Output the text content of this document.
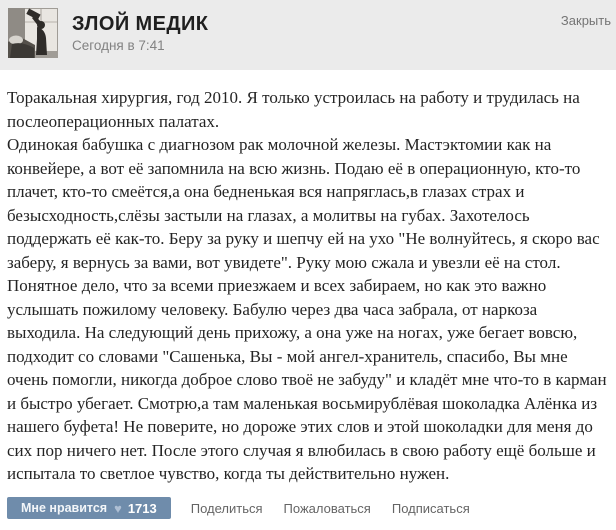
ЗЛОЙ МЕДИК
Сегодня в 7:41
Закрыть

Торакальная хирургия, год 2010. Я только устроилась на работу и трудилась на послеоперационных палатах.

Одинокая бабушка с диагнозом рак молочной железы. Мастэктомии как на конвейере, а вот её запомнила на всю жизнь. Подаю её в операционную, кто-то плачет, кто-то смеётся,а она бедненькая вся напряглась,в глазах страх и безысходность,слёзы застыли на глазах, а молитвы на губах. Захотелось поддержать её как-то. Беру за руку и шепчу ей на ухо "Не волнуйтесь, я скоро вас заберу, я вернусь за вами, вот увидете". Руку мою сжала и увезли её на стол. Понятное дело, что за всеми приезжаем и всех забираем, но как это важно услышать пожилому человеку. Бабулю через два часа забрала, от наркоза выходила. На следующий день прихожу, а она уже на ногах, уже бегает вовсю, подходит со словами "Сашенька, Вы - мой ангел-хранитель, спасибо, Вы мне очень помогли, никогда доброе слово твоё не забуду" и кладёт мне что-то в карман и быстро убегает. Смотрю,а там маленькая восьмирублёвая шоколадка Алёнка из нашего буфета! Не поверите, но дороже этих слов и этой шоколадки для меня до сих пор ничего нет. После этого случая я влюбилась в свою работу ещё больше и испытала то светлое чувство, когда ты действительно нужен.

Мне нравится ♥ 1713	Поделиться Пожаловаться Подписаться
